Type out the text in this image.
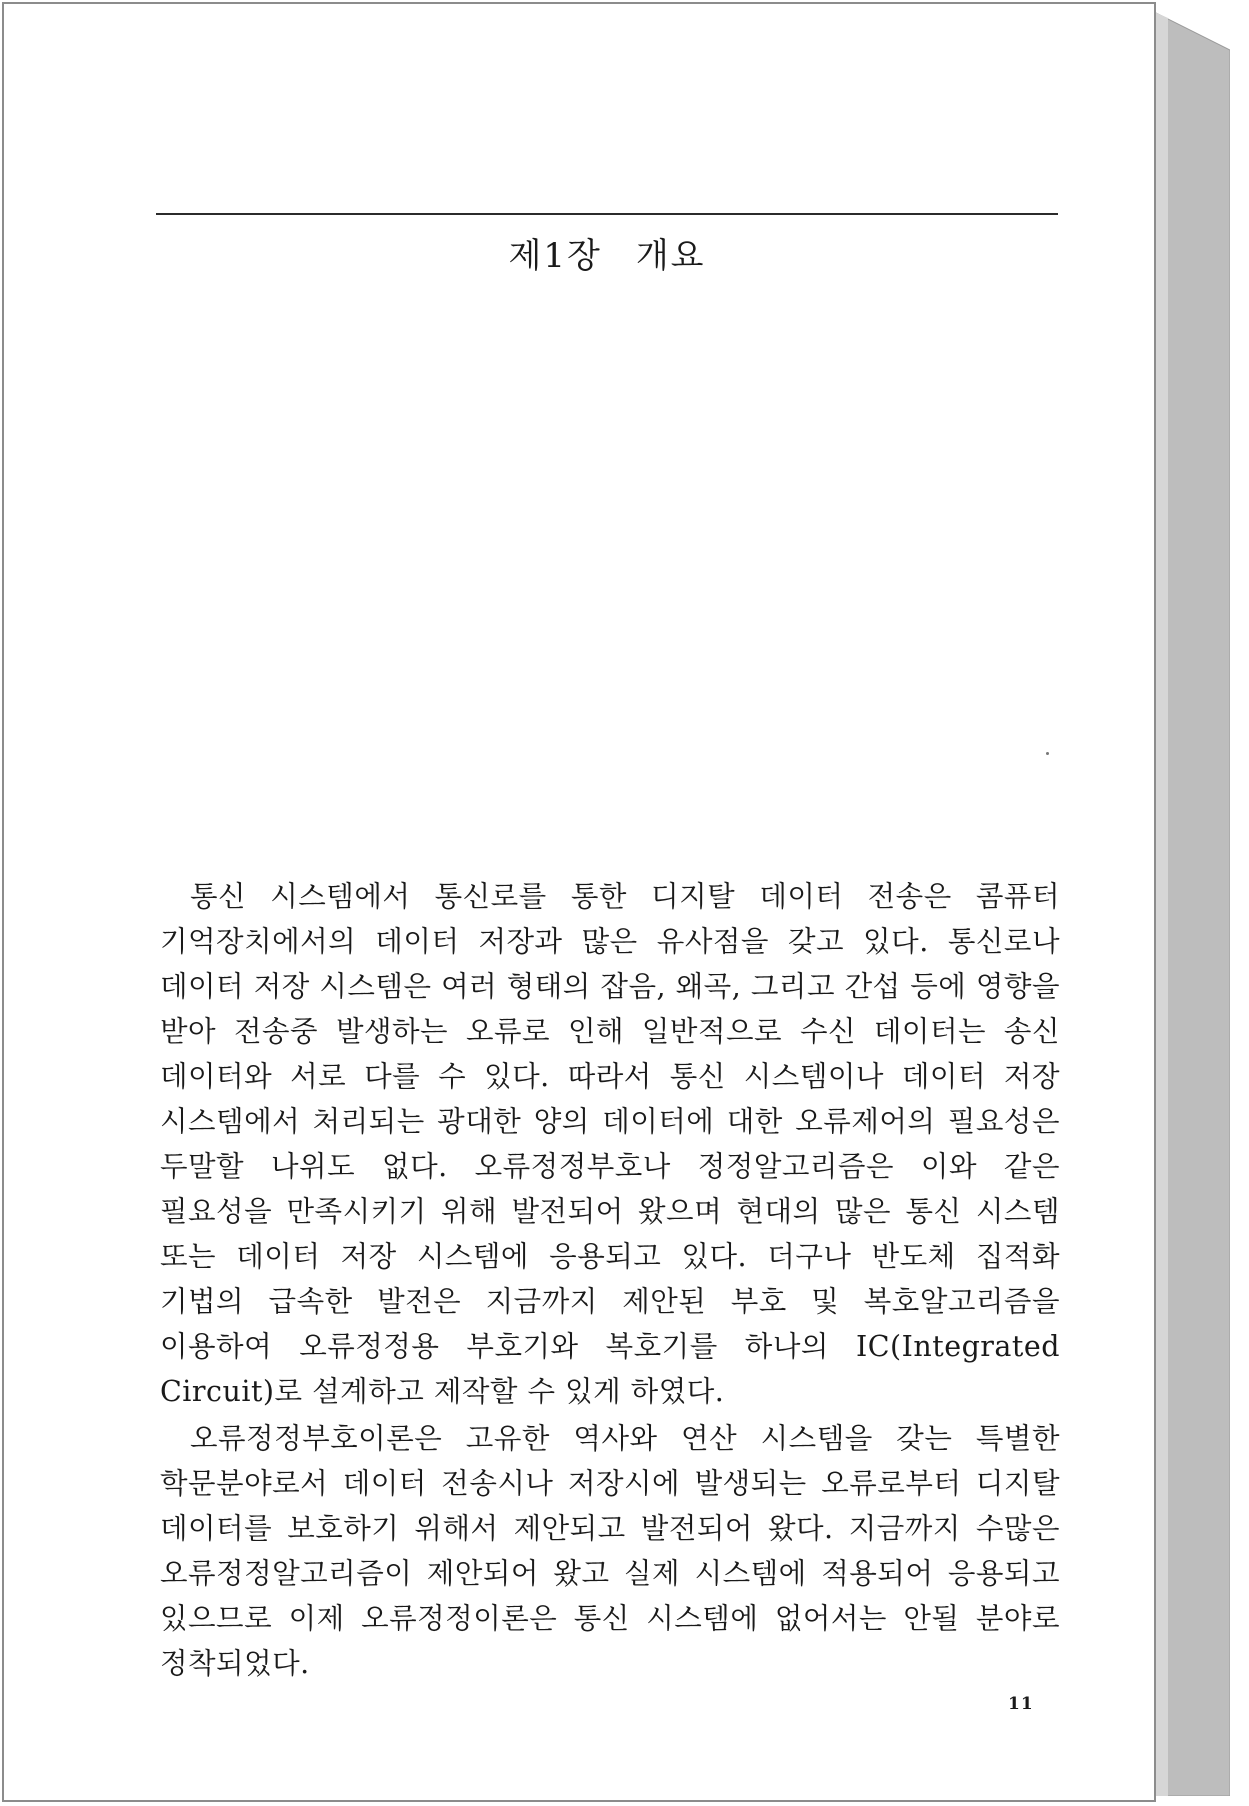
제1장 개요

통신 시스템에서 통신로를 통한 디지탈 데이터 전송은 콤퓨터 기억장치에서의 데이터 저장과 많은 유사점을 갖고 있다. 통신로나 데이터 저장 시스템은 여러 형태의 잡음, 왜곡, 그리고 간섭 등에 영향을 받아 전송중 발생하는 오류로 인해 일반적으로 수신 데이터는 송신 데이터와 서로 다를 수 있다. 따라서 통신 시스템이나 데이터 저장 시스템에서 처리되는 광대한 양의 데이터에 대한 오류제어의 필요성은 두말할 나위도 없다. 오류정정부호나 정정알고리즘은 이와 같은 필요성을 만족시키기 위해 발전되어 왔으며 현대의 많은 통신 시스템 또는 데이터 저장 시스템에 응용되고 있다. 더구나 반도체 집적화 기법의 급속한 발전은 지금까지 제안된 부호 및 복호알고리즘을 이용하여 오류정정용 부호기와 복호기를 하나의 IC(Integrated Circuit)로 설계하고 제작할 수 있게 하였다.

오류정정부호이론은 고유한 역사와 연산 시스템을 갖는 특별한 학문분야로서 데이터 전송시나 저장시에 발생되는 오류로부터 디지탈 데이터를 보호하기 위해서 제안되고 발전되어 왔다. 지금까지 수많은 오류정정알고리즘이 제안되어 왔고 실제 시스템에 적용되어 응용되고 있으므로 이제 오류정정이론은 통신 시스템에 없어서는 안될 분야로 정착되었다.

11
